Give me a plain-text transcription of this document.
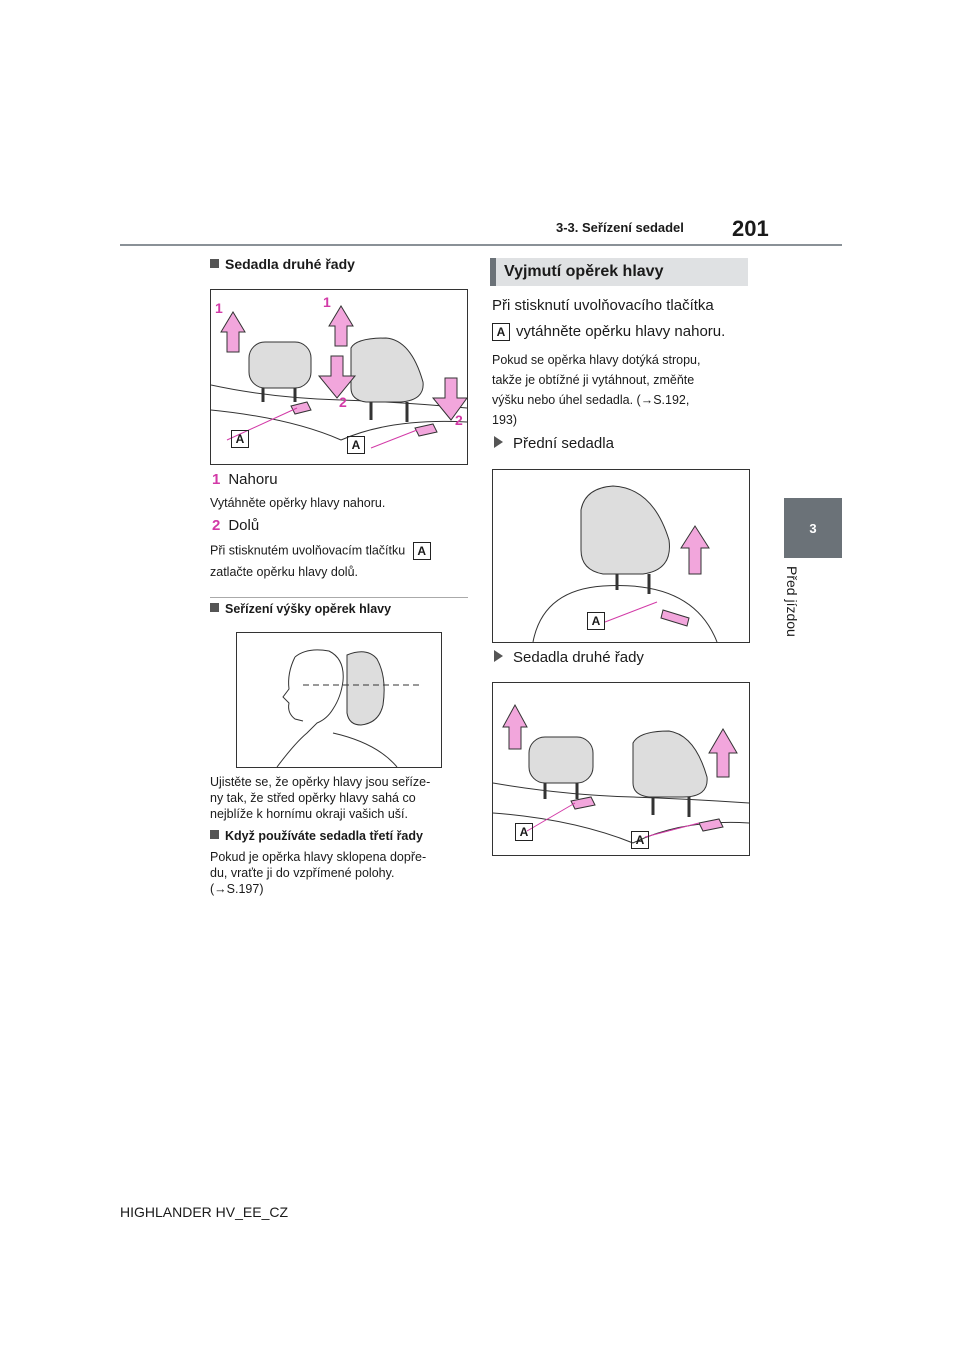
3-3. Seřízení sedadel 201
3
Před jízdou
Sedadla druhé řady
1	1
2
2
A	A
1 Nahoru
Vytáhněte opěrky hlavy nahoru.
2 Dolů
Při stisknutém uvolňovacím tlačítku A
zatlačte opěrku hlavy dolů.
Seřízení výšky opěrek hlavy
Ujistěte se, že opěrky hlavy jsou seříze-
ny tak, že střed opěrky hlavy sahá co
nejblíže k hornímu okraji vašich uší.
Když používáte sedadla třetí řady
Pokud je opěrka hlavy sklopena dopře-
du, vraťte ji do vzpřímené polohy.
(→S.197)
Vyjmutí opěrek hlavy
Při stisknutí uvolňovacího tlačítka
A vytáhněte opěrku hlavy nahoru.
Pokud se opěrka hlavy dotýká stropu,
takže je obtížné ji vytáhnout, změňte
výšku nebo úhel sedadla. (→S.192,
193)
Přední sedadla
A
Sedadla druhé řady
A
A
HIGHLANDER HV_EE_CZ
